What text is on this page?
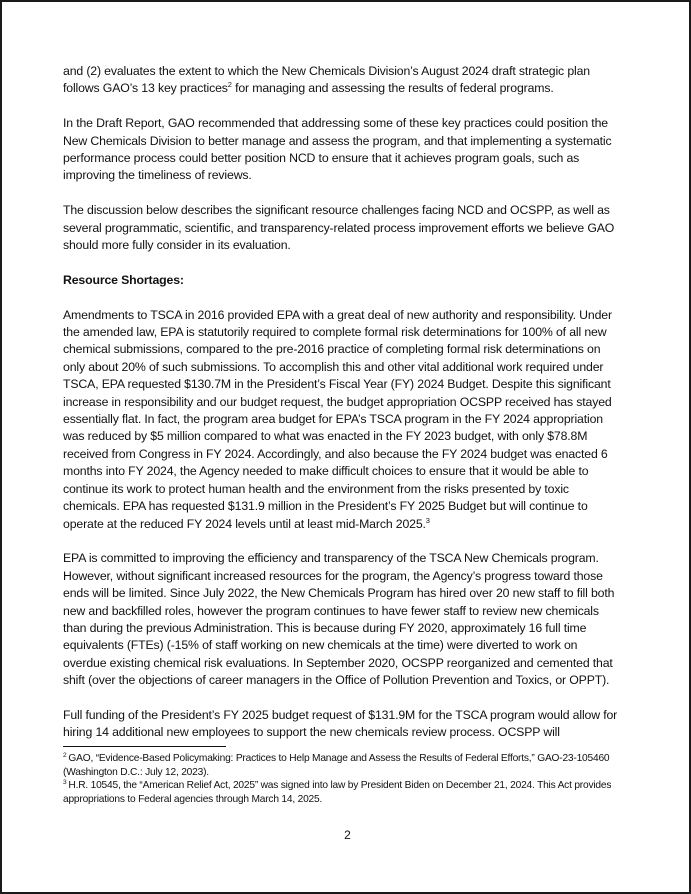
and (2) evaluates the extent to which the New Chemicals Division’s August 2024 draft strategic plan follows GAO’s 13 key practices$^2$ for managing and assessing the results of federal programs.

In the Draft Report, GAO recommended that addressing some of these key practices could position the New Chemicals Division to better manage and assess the program, and that implementing a systematic performance process could better position NCD to ensure that it achieves program goals, such as improving the timeliness of reviews.

The discussion below describes the significant resource challenges facing NCD and OCSPP, as well as several programmatic, scientific, and transparency-related process improvement efforts we believe GAO should more fully consider in its evaluation.

Resource Shortages:

Amendments to TSCA in 2016 provided EPA with a great deal of new authority and responsibility. Under the amended law, EPA is statutorily required to complete formal risk determinations for 100% of all new chemical submissions, compared to the pre-2016 practice of completing formal risk determinations on only about 20% of such submissions. To accomplish this and other vital additional work required under TSCA, EPA requested $130.7M in the President’s Fiscal Year (FY) 2024 Budget. Despite this significant increase in responsibility and our budget request, the budget appropriation OCSPP received has stayed essentially flat. In fact, the program area budget for EPA’s TSCA program in the FY 2024 appropriation was reduced by $5 million compared to what was enacted in the FY 2023 budget, with only $78.8M received from Congress in FY 2024. Accordingly, and also because the FY 2024 budget was enacted 6 months into FY 2024, the Agency needed to make difficult choices to ensure that it would be able to continue its work to protect human health and the environment from the risks presented by toxic chemicals. EPA has requested $131.9 million in the President’s FY 2025 Budget but will continue to operate at the reduced FY 2024 levels until at least mid-March 2025.$^3$

EPA is committed to improving the efficiency and transparency of the TSCA New Chemicals program. However, without significant increased resources for the program, the Agency’s progress toward those ends will be limited. Since July 2022, the New Chemicals Program has hired over 20 new staff to fill both new and backfilled roles, however the program continues to have fewer staff to review new chemicals than during the previous Administration. This is because during FY 2020, approximately 16 full time equivalents (FTEs) (-15% of staff working on new chemicals at the time) were diverted to work on overdue existing chemical risk evaluations. In September 2020, OCSPP reorganized and cemented that shift (over the objections of career managers in the Office of Pollution Prevention and Toxics, or OPPT).

Full funding of the President’s FY 2025 budget request of $131.9M for the TSCA program would allow for hiring 14 additional new employees to support the new chemicals review process. OCSPP will

$^2$ GAO, “Evidence-Based Policymaking: Practices to Help Manage and Assess the Results of Federal Efforts,” GAO-23-105460 (Washington D.C.: July 12, 2023).

$^3$ H.R. 10545, the “American Relief Act, 2025” was signed into law by President Biden on December 21, 2024. This Act provides appropriations to Federal agencies through March 14, 2025.

2
